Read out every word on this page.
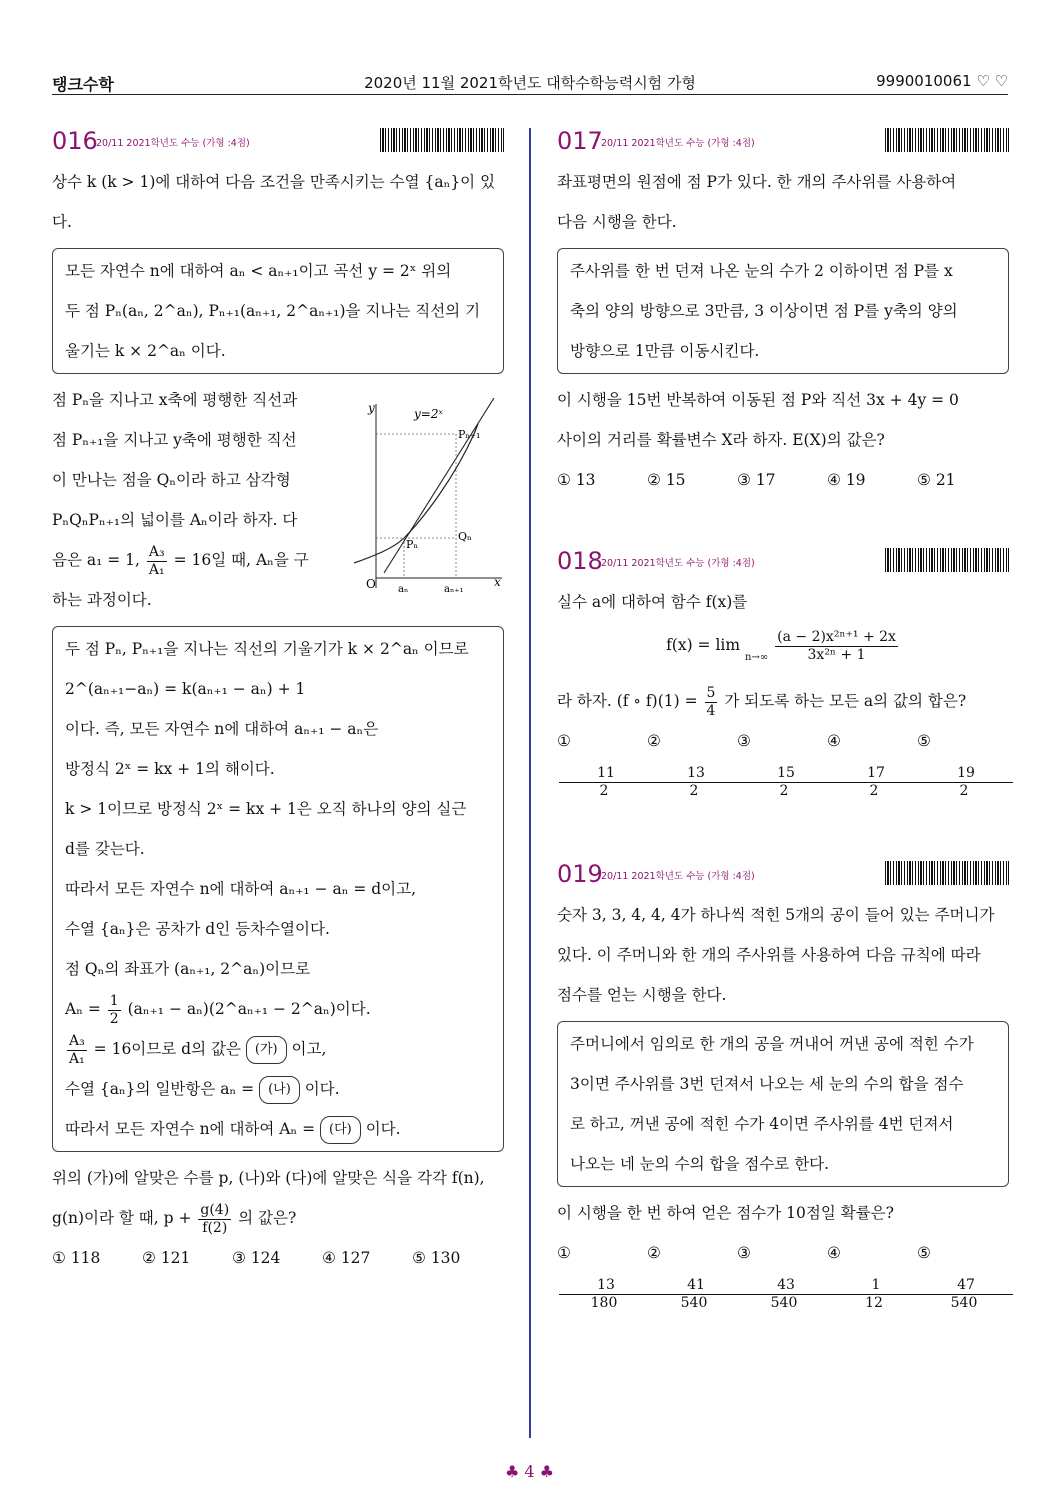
탱크수학	2020년 11월 2021학년도 대학수학능력시험 가형	9990010061 ♡ ♡
016
20/11 2021학년도 수능 (가형 :4점)

상수 k (k > 1)에 대하여 다음 조건을 만족시키는 수열 {aₙ}이 있다.

모든 자연수 n에 대하여 aₙ < aₙ₊₁이고 곡선 y = 2ˣ 위의
두 점 Pₙ(aₙ, 2^aₙ), Pₙ₊₁(aₙ₊₁, 2^aₙ₊₁)을 지나는 직선의 기
울기는 k × 2^aₙ 이다.
점 Pₙ을 지나고 x축에 평행한 직선과
점 Pₙ₊₁을 지나고 y축에 평행한 직선
이 만나는 점을 Qₙ이라 하고 삼각형
PₙQₙPₙ₊₁의 넓이를 Aₙ이라 하자. 다
음은 a₁ = 1, $\frac{\text{A₃}}{\text{A₁}} = 16$일 때, Aₙ을 구
하는 과정이다.
두 점 Pₙ, Pₙ₊₁을 지나는 직선의 기울기가 k × 2^aₙ 이므로
2^(aₙ₊₁−aₙ) = k(aₙ₊₁ − aₙ) + 1
이다. 즉, 모든 자연수 n에 대하여 aₙ₊₁ − aₙ은
방정식 2ˣ = kx + 1의 해이다.
k > 1이므로 방정식 2ˣ = kx + 1은 오직 하나의 양의 실근
d를 갖는다.
따라서 모든 자연수 n에 대하여 aₙ₊₁ − aₙ = d이고,
수열 {aₙ}은 공차가 d인 등차수열이다.
점 Qₙ의 좌표가 (aₙ₊₁, 2^aₙ)이므로
$A_n = \frac{1}{2} (a_{n+1}$ − aₙ)(2^aₙ₊₁ − 2^aₙ)이다.
$\frac{\text{A₃}}{\text{A₁}} = 16$이므로 d의 값은 (가) 이고,
수열 {aₙ}의 일반항은 aₙ = (나) 이다.
따라서 모든 자연수 n에 대하여 Aₙ = (다) 이다.
위의 (가)에 알맞은 수를 p, (나)와 (다)에 알맞은 식을 각각 f(n),
g(n)이라 할 때, $p + \frac{g(4)}{f(2)}$ 의 값은?
① 118	② 121	③ 124	④ 127	⑤ 130
y=2ˣ
y
x
O
Pₙ
Pₙ₊₁
Qₙ
aₙ	aₙ₊₁
017
20/11 2021학년도 수능 (가형 :4점)
좌표평면의 원점에 점 P가 있다. 한 개의 주사위를 사용하여
다음 시행을 한다.
주사위를 한 번 던져 나온 눈의 수가 2 이하이면 점 P를 x
축의 양의 방향으로 3만큼, 3 이상이면 점 P를 y축의 양의
방향으로 1만큼 이동시킨다.
이 시행을 15번 반복하여 이동된 점 P와 직선 3x + 4y = 0
사이의 거리를 확률변수 X라 하자. E(X)의 값은?
① 13	② 15	③ 17	④ 19	⑤ 21
018
20/11 2021학년도 수능 (가형 :4점)
실수 a에 대하여 함수 f(x)를
$f(x) = \lim _{n\to\infty} \frac{\text{(a − 2)x²ⁿ⁺¹ + 2x}}{\text{3x²ⁿ + 1}}$
라 하자. (f ∘ $f)(1) = \frac{5}{4}$ 가 되도록 하는 모든 a의 값의 합은?
①
$\frac{11}{2}$
②
$\frac{13}{2}$
③
$\frac{15}{2}$
④
$\frac{17}{2}$
⑤
$\frac{19}{2}$
019
20/11 2021학년도 수능 (가형 :4점)
숫자 3, 3, 4, 4, 4가 하나씩 적힌 5개의 공이 들어 있는 주머니가
있다. 이 주머니와 한 개의 주사위를 사용하여 다음 규칙에 따라
점수를 얻는 시행을 한다.
주머니에서 임의로 한 개의 공을 꺼내어 꺼낸 공에 적힌 수가
3이면 주사위를 3번 던져서 나오는 세 눈의 수의 합을 점수
로 하고, 꺼낸 공에 적힌 수가 4이면 주사위를 4번 던져서
나오는 네 눈의 수의 합을 점수로 한다.
이 시행을 한 번 하여 얻은 점수가 10점일 확률은?
①
$\frac{13}{180}$
②
$\frac{41}{540}$
③
$\frac{43}{540}$
④
$\frac{1}{12}$
⑤
$\frac{47}{540}$
♣ 4 ♣
